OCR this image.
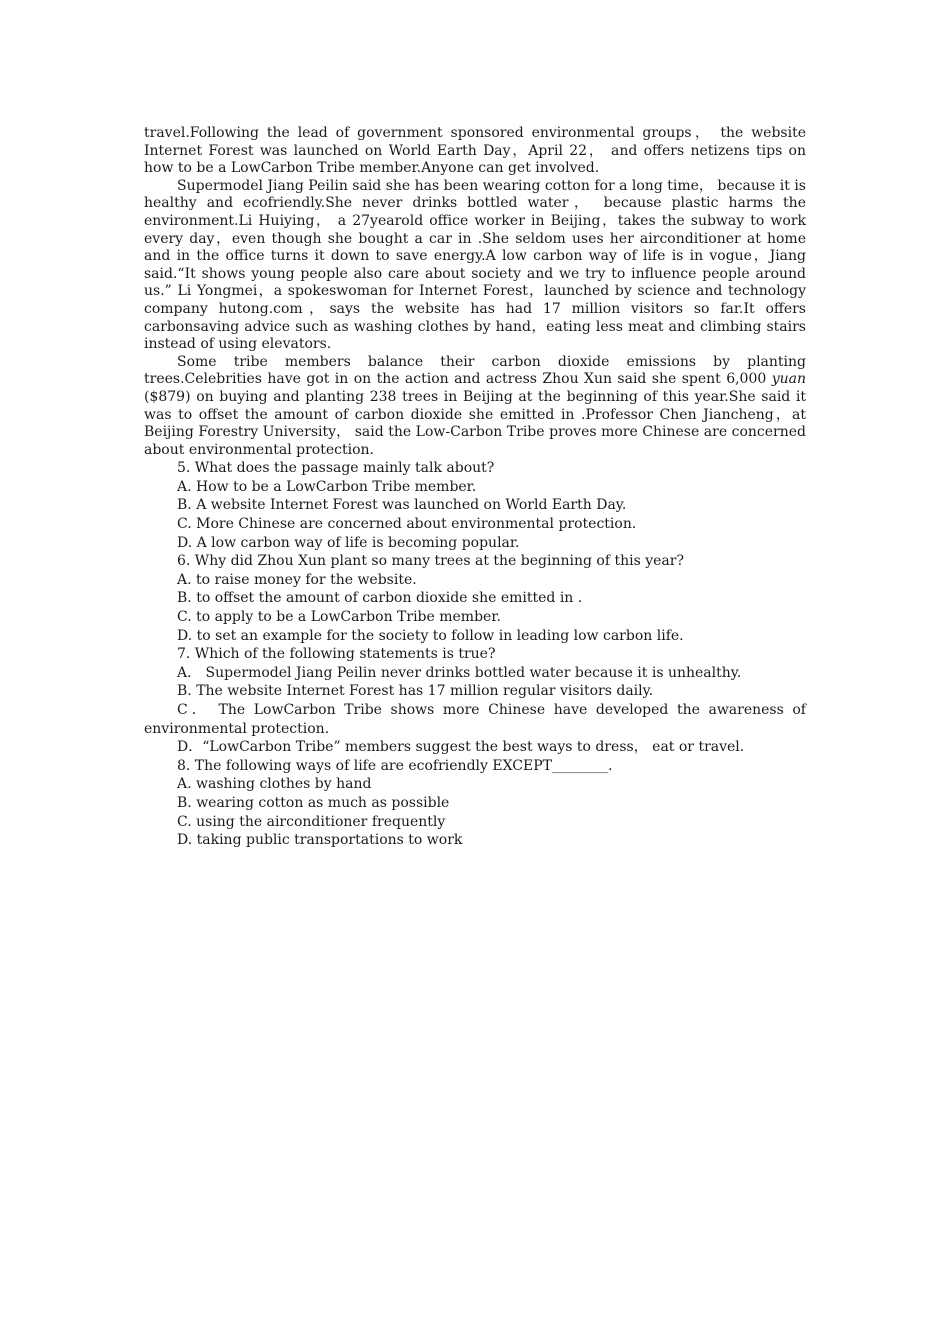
travel.Following the lead of government sponsored environmental groups， the website Internet Forest was launched on World Earth Day，April 22， and offers netizens tips on how to be a LowCarbon Tribe member.Anyone can get involved.

Supermodel Jiang Peilin said she has been wearing cotton for a long time， because it is healthy and ecofriendly.She never drinks bottled water， because plastic harms the environment.Li Huiying， a 27yearold office worker in Beijing，takes the subway to work every day，even though she bought a car in .She seldom uses her airconditioner at home and in the office turns it down to save energy.A low carbon way of life is in vogue，Jiang said.“It shows young people also care about society and we try to influence people around us.” Li Yongmei，a spokeswoman for Internet Forest，launched by science and technology company hutong.com，says the website has had 17 million visitors so far.It offers carbonsaving advice such as washing clothes by hand，eating less meat and climbing stairs instead of using elevators.

Some tribe members balance their carbon dioxide emissions by planting trees.Celebrities have got in on the action and actress Zhou Xun said she spent 6,000 yuan ($879) on buying and planting 238 trees in Beijing at the beginning of this year.She said it was to offset the amount of carbon dioxide she emitted in .Professor Chen Jiancheng，at Beijing Forestry University， said the Low-Carbon Tribe proves more Chinese are concerned about environmental protection.

5. What does the passage mainly talk about?

A. How to be a LowCarbon Tribe member.

B. A website Internet Forest was launched on World Earth Day.

C. More Chinese are concerned about environmental protection.

D. A low carbon way of life is becoming popular.

6. Why did Zhou Xun plant so many trees at the beginning of this year?

A. to raise money for the website.

B. to offset the amount of carbon dioxide she emitted in .

C. to apply to be a LowCarbon Tribe member.

D. to set an example for the society to follow in leading low carbon life.

7. Which of the following statements is true?

A． Supermodel Jiang Peilin never drinks bottled water because it is unhealthy.

B. The website Internet Forest has 17 million regular visitors daily.

C． The LowCarbon Tribe shows more Chinese have developed the awareness of environmental protection.

D．“LowCarbon Tribe” members suggest the best ways to dress， eat or travel.

8. The following ways of life are ecofriendly EXCEPT________.

A. washing clothes by hand

B. wearing cotton as much as possible

C. using the airconditioner frequently

D. taking public transportations to work
